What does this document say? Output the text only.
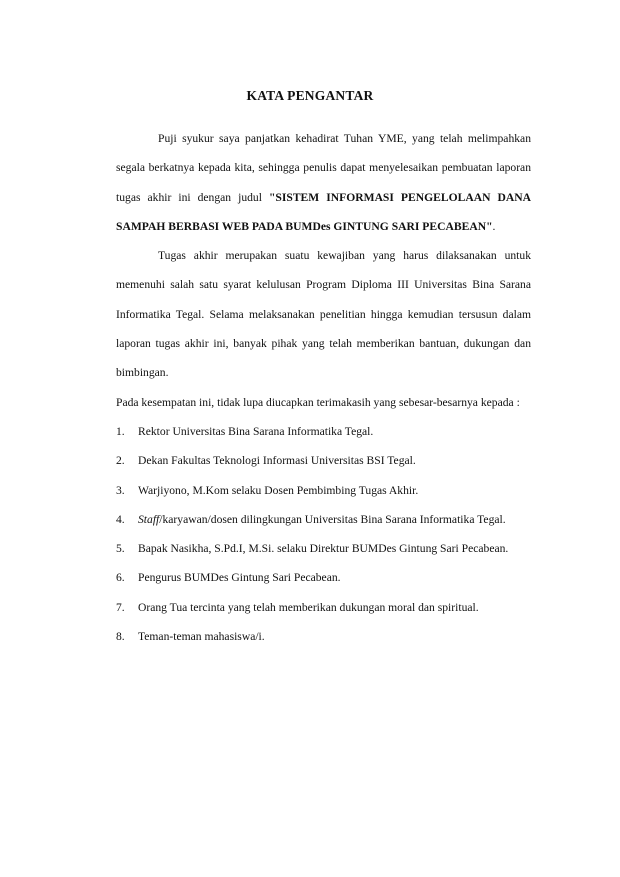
KATA PENGANTAR

Puji syukur saya panjatkan kehadirat Tuhan YME, yang telah melimpahkan segala berkatnya kepada kita, sehingga penulis dapat menyelesaikan pembuatan laporan tugas akhir ini dengan judul "SISTEM INFORMASI PENGELOLAAN DANA SAMPAH BERBASI WEB PADA BUMDes GINTUNG SARI PECABEAN".

Tugas akhir merupakan suatu kewajiban yang harus dilaksanakan untuk memenuhi salah satu syarat kelulusan Program Diploma III Universitas Bina Sarana Informatika Tegal. Selama melaksanakan penelitian hingga kemudian tersusun dalam laporan tugas akhir ini, banyak pihak yang telah memberikan bantuan, dukungan dan bimbingan.

Pada kesempatan ini, tidak lupa diucapkan terimakasih yang sebesar-besarnya kepada :

1. Rektor Universitas Bina Sarana Informatika Tegal.
2. Dekan Fakultas Teknologi Informasi Universitas BSI Tegal.
3. Warjiyono, M.Kom selaku Dosen Pembimbing Tugas Akhir.
4. Staff/karyawan/dosen dilingkungan Universitas Bina Sarana Informatika Tegal.
5. Bapak Nasikha, S.Pd.I, M.Si. selaku Direktur BUMDes Gintung Sari Pecabean.
6. Pengurus BUMDes Gintung Sari Pecabean.
7. Orang Tua tercinta yang telah memberikan dukungan moral dan spiritual.
8. Teman-teman mahasiswa/i.
